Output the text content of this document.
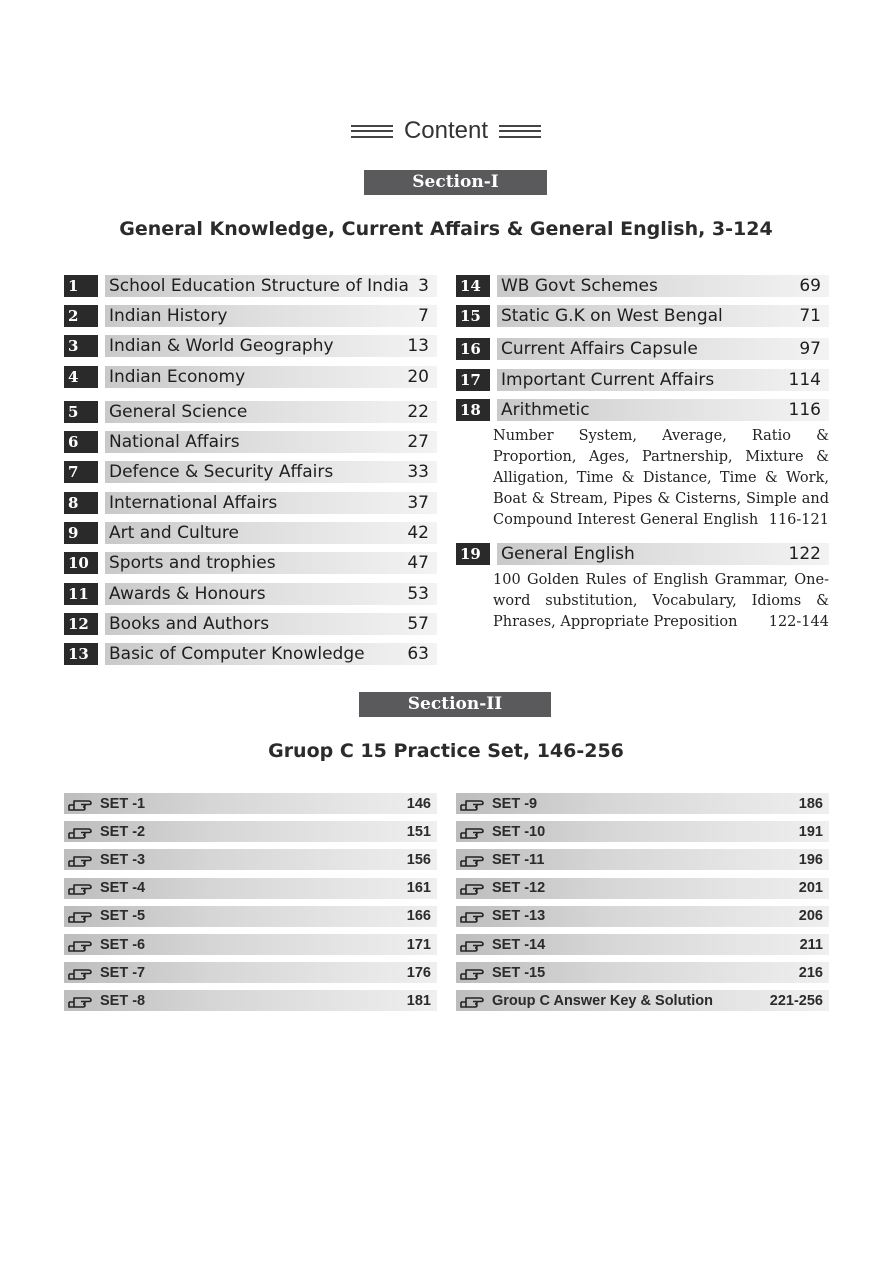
Content
Section-I
General Knowledge, Current Affairs & General English, 3-124
1	School Education Structure of India 3
2	Indian History	7
3	Indian & World Geography	13
4	Indian Economy	20
5	General Science	22
6	National Affairs	27
7	Defence & Security Affairs	33
8	International Affairs	37
9	Art and Culture	42
10	Sports and trophies	47
11	Awards & Honours	53
12	Books and Authors	57
13	Basic of Computer Knowledge	63
14	WB Govt Schemes	69
15	Static G.K on West Bengal	71
16	Current Affairs Capsule	97
17	Important Current Affairs	114
18	Arithmetic	116
19	General English	122
Number System, Average, Ratio & Proportion, Ages, Partnership, Mixture & Alligation, Time & Distance, Time & Work, Boat & Stream, Pipes & Cisterns, Simple and Compound Interest General English 116-121
100 Golden Rules of English Grammar, One-word substitution, Vocabulary, Idioms & Phrases, Appropriate Preposition 122-144
Section-II
Gruop C 15 Practice Set, 146-256
SET -1	146
SET -2	151
SET -3	156
SET -4	161
SET -5	166
SET -6	171
SET -7	176
SET -8	181
SET -9	186
SET -10	191
SET -11	196
SET -12	201
SET -13	206
SET -14	211
SET -15	216
Group C Answer Key & Solution	221-256
